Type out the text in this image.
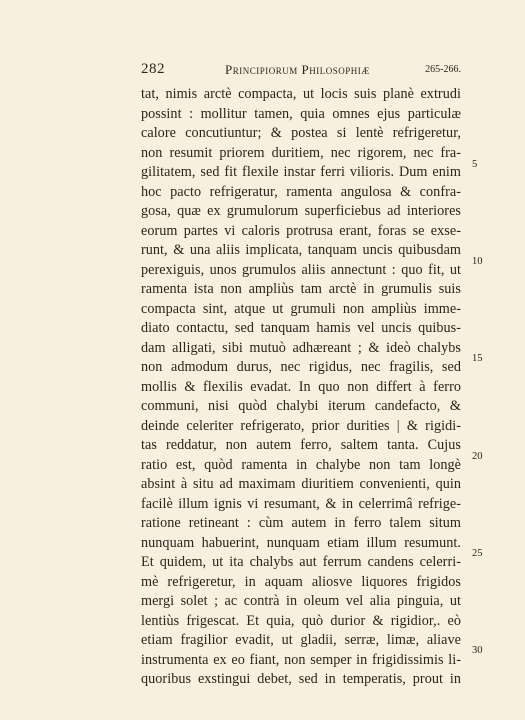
282	Principiorum Philosophiæ	265-266.
tat, nimis arctè compacta, ut locis suis planè extrudi
possint : mollitur tamen, quia omnes ejus particulæ
calore concutiuntur; & postea si lentè refrigeretur,
non resumit priorem duritiem, nec rigorem, nec fra-
gilitatem, sed fit flexile instar ferri vilioris. Dum enim
hoc pacto refrigeratur, ramenta angulosa & confra-
gosa, quæ ex grumulorum superficiebus ad interiores
eorum partes vi caloris protrusa erant, foras se exse-
runt, & una aliis implicata, tanquam uncis quibusdam
perexiguis, unos grumulos aliis annectunt : quo fit, ut
ramenta ista non ampliùs tam arctè in grumulis suis
compacta sint, atque ut grumuli non ampliùs imme-
diato contactu, sed tanquam hamis vel uncis quibus-
dam alligati, sibi mutuò adhæreant ; & ideò chalybs
non admodum durus, nec rigidus, nec fragilis, sed
mollis & flexilis evadat. In quo non differt à ferro
communi, nisi quòd chalybi iterum candefacto, &
deinde celeriter refrigerato, prior durities | & rigidi-
tas reddatur, non autem ferro, saltem tanta. Cujus
ratio est, quòd ramenta in chalybe non tam longè
absint à situ ad maximam diuritiem convenienti, quin
facilè illum ignis vi resumant, & in celerrimâ refrige-
ratione retineant : cùm autem in ferro talem situm
nunquam habuerint, nunquam etiam illum resumunt.
Et quidem, ut ita chalybs aut ferrum candens celerri-
mè refrigeretur, in aquam aliosve liquores frigidos
mergi solet ; ac contrà in oleum vel alia pinguia, ut
lentiùs frigescat. Et quia, quò durior & rigidior,. eò
etiam fragilior evadit, ut gladii, serræ, limæ, aliave
instrumenta ex eo fiant, non semper in frigidissimis li-
quoribus exstingui debet, sed in temperatis, prout in
5
10
15
20
25
30
